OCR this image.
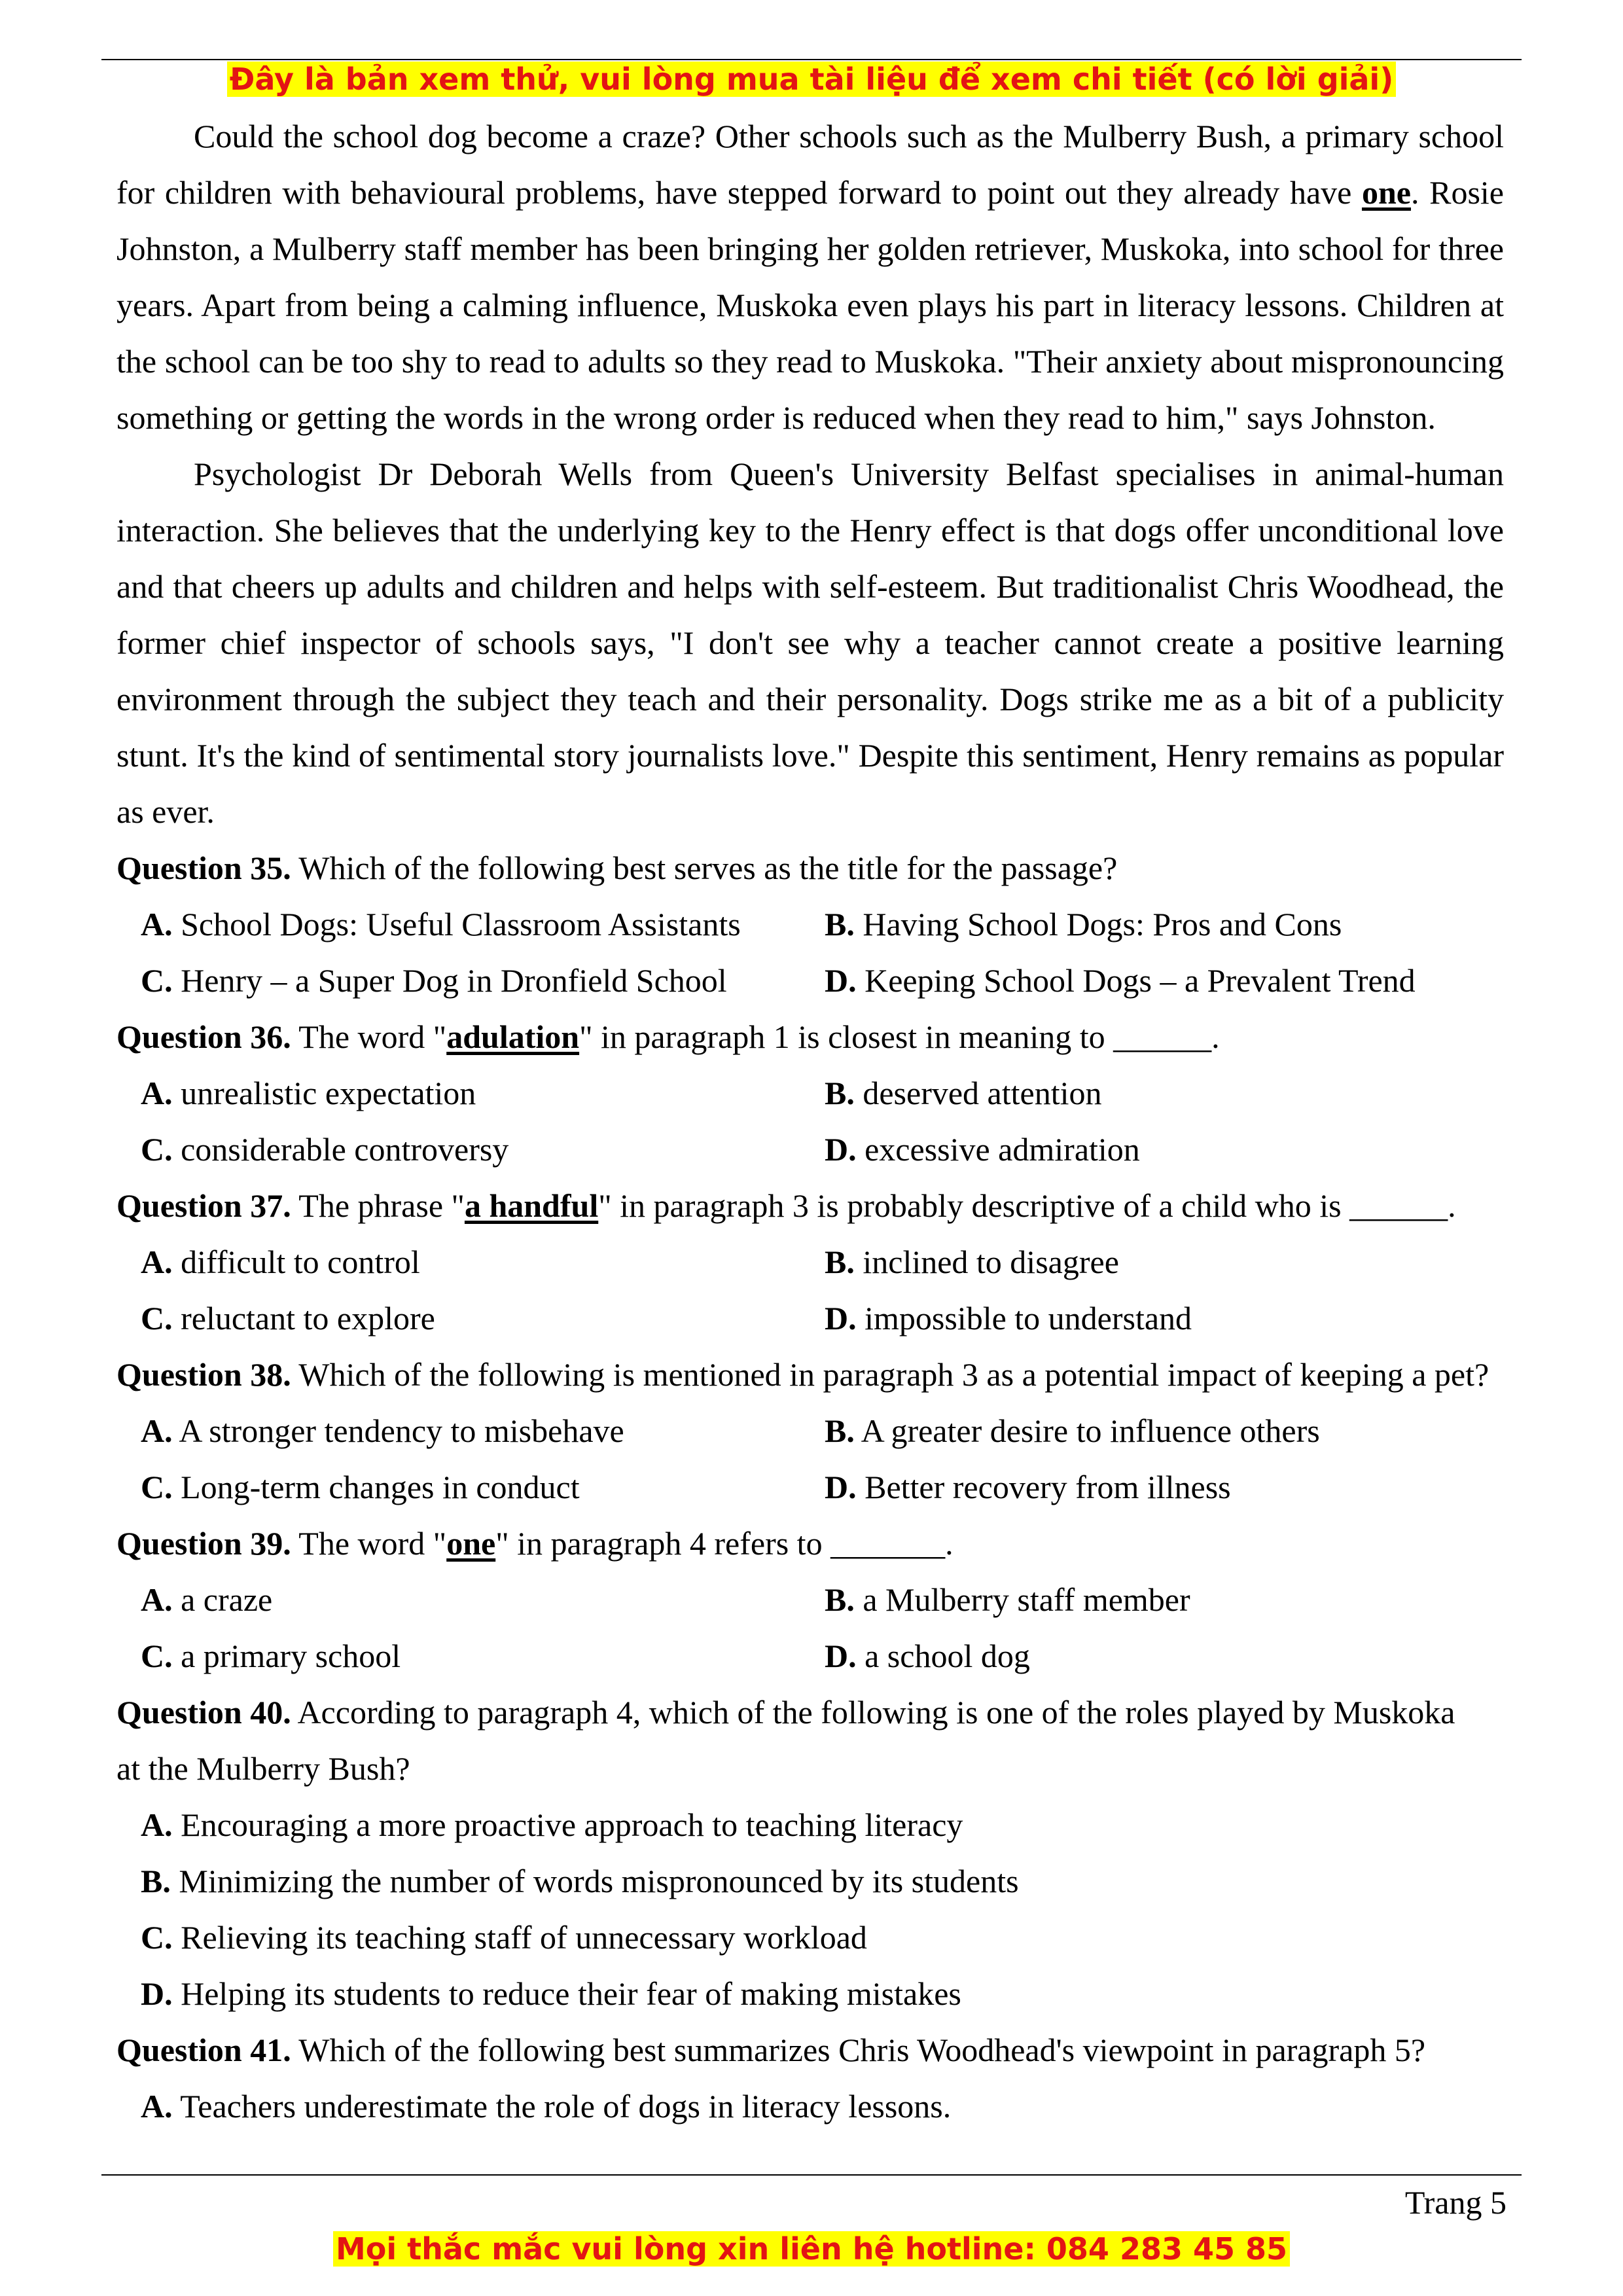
Đây là bản xem thử, vui lòng mua tài liệu để xem chi tiết (có lời giải)

Could the school dog become a craze? Other schools such as the Mulberry Bush, a primary school for children with behavioural problems, have stepped forward to point out they already have one. Rosie Johnston, a Mulberry staff member has been bringing her golden retriever, Muskoka, into school for three years. Apart from being a calming influence, Muskoka even plays his part in literacy lessons. Children at the school can be too shy to read to adults so they read to Muskoka. "Their anxiety about mispronouncing something or getting the words in the wrong order is reduced when they read to him," says Johnston.

Psychologist Dr Deborah Wells from Queen's University Belfast specialises in animal-human interaction. She believes that the underlying key to the Henry effect is that dogs offer unconditional love and that cheers up adults and children and helps with self-esteem. But traditionalist Chris Woodhead, the former chief inspector of schools says, "I don't see why a teacher cannot create a positive learning environment through the subject they teach and their personality. Dogs strike me as a bit of a publicity stunt. It's the kind of sentimental story journalists love." Despite this sentiment, Henry remains as popular as ever.

Question 35. Which of the following best serves as the title for the passage?

A. School Dogs: Useful Classroom Assistants	B. Having School Dogs: Pros and Cons

C. Henry – a Super Dog in Dronfield School	D. Keeping School Dogs – a Prevalent Trend

Question 36. The word "adulation" in paragraph 1 is closest in meaning to ______.

A. unrealistic expectation	B. deserved attention

C. considerable controversy	D. excessive admiration

Question 37. The phrase "a handful" in paragraph 3 is probably descriptive of a child who is ______.

A. difficult to control	B. inclined to disagree

C. reluctant to explore	D. impossible to understand

Question 38. Which of the following is mentioned in paragraph 3 as a potential impact of keeping a pet?

A. A stronger tendency to misbehave	B. A greater desire to influence others

C. Long-term changes in conduct	D. Better recovery from illness

Question 39. The word "one" in paragraph 4 refers to _______.

A. a craze	B. a Mulberry staff member

C. a primary school	D. a school dog

Question 40. According to paragraph 4, which of the following is one of the roles played by Muskoka
at the Mulberry Bush?

A. Encouraging a more proactive approach to teaching literacy

B. Minimizing the number of words mispronounced by its students

C. Relieving its teaching staff of unnecessary workload

D. Helping its students to reduce their fear of making mistakes

Question 41. Which of the following best summarizes Chris Woodhead's viewpoint in paragraph 5?

A. Teachers underestimate the role of dogs in literacy lessons.

Trang 5
Mọi thắc mắc vui lòng xin liên hệ hotline: 084 283 45 85
